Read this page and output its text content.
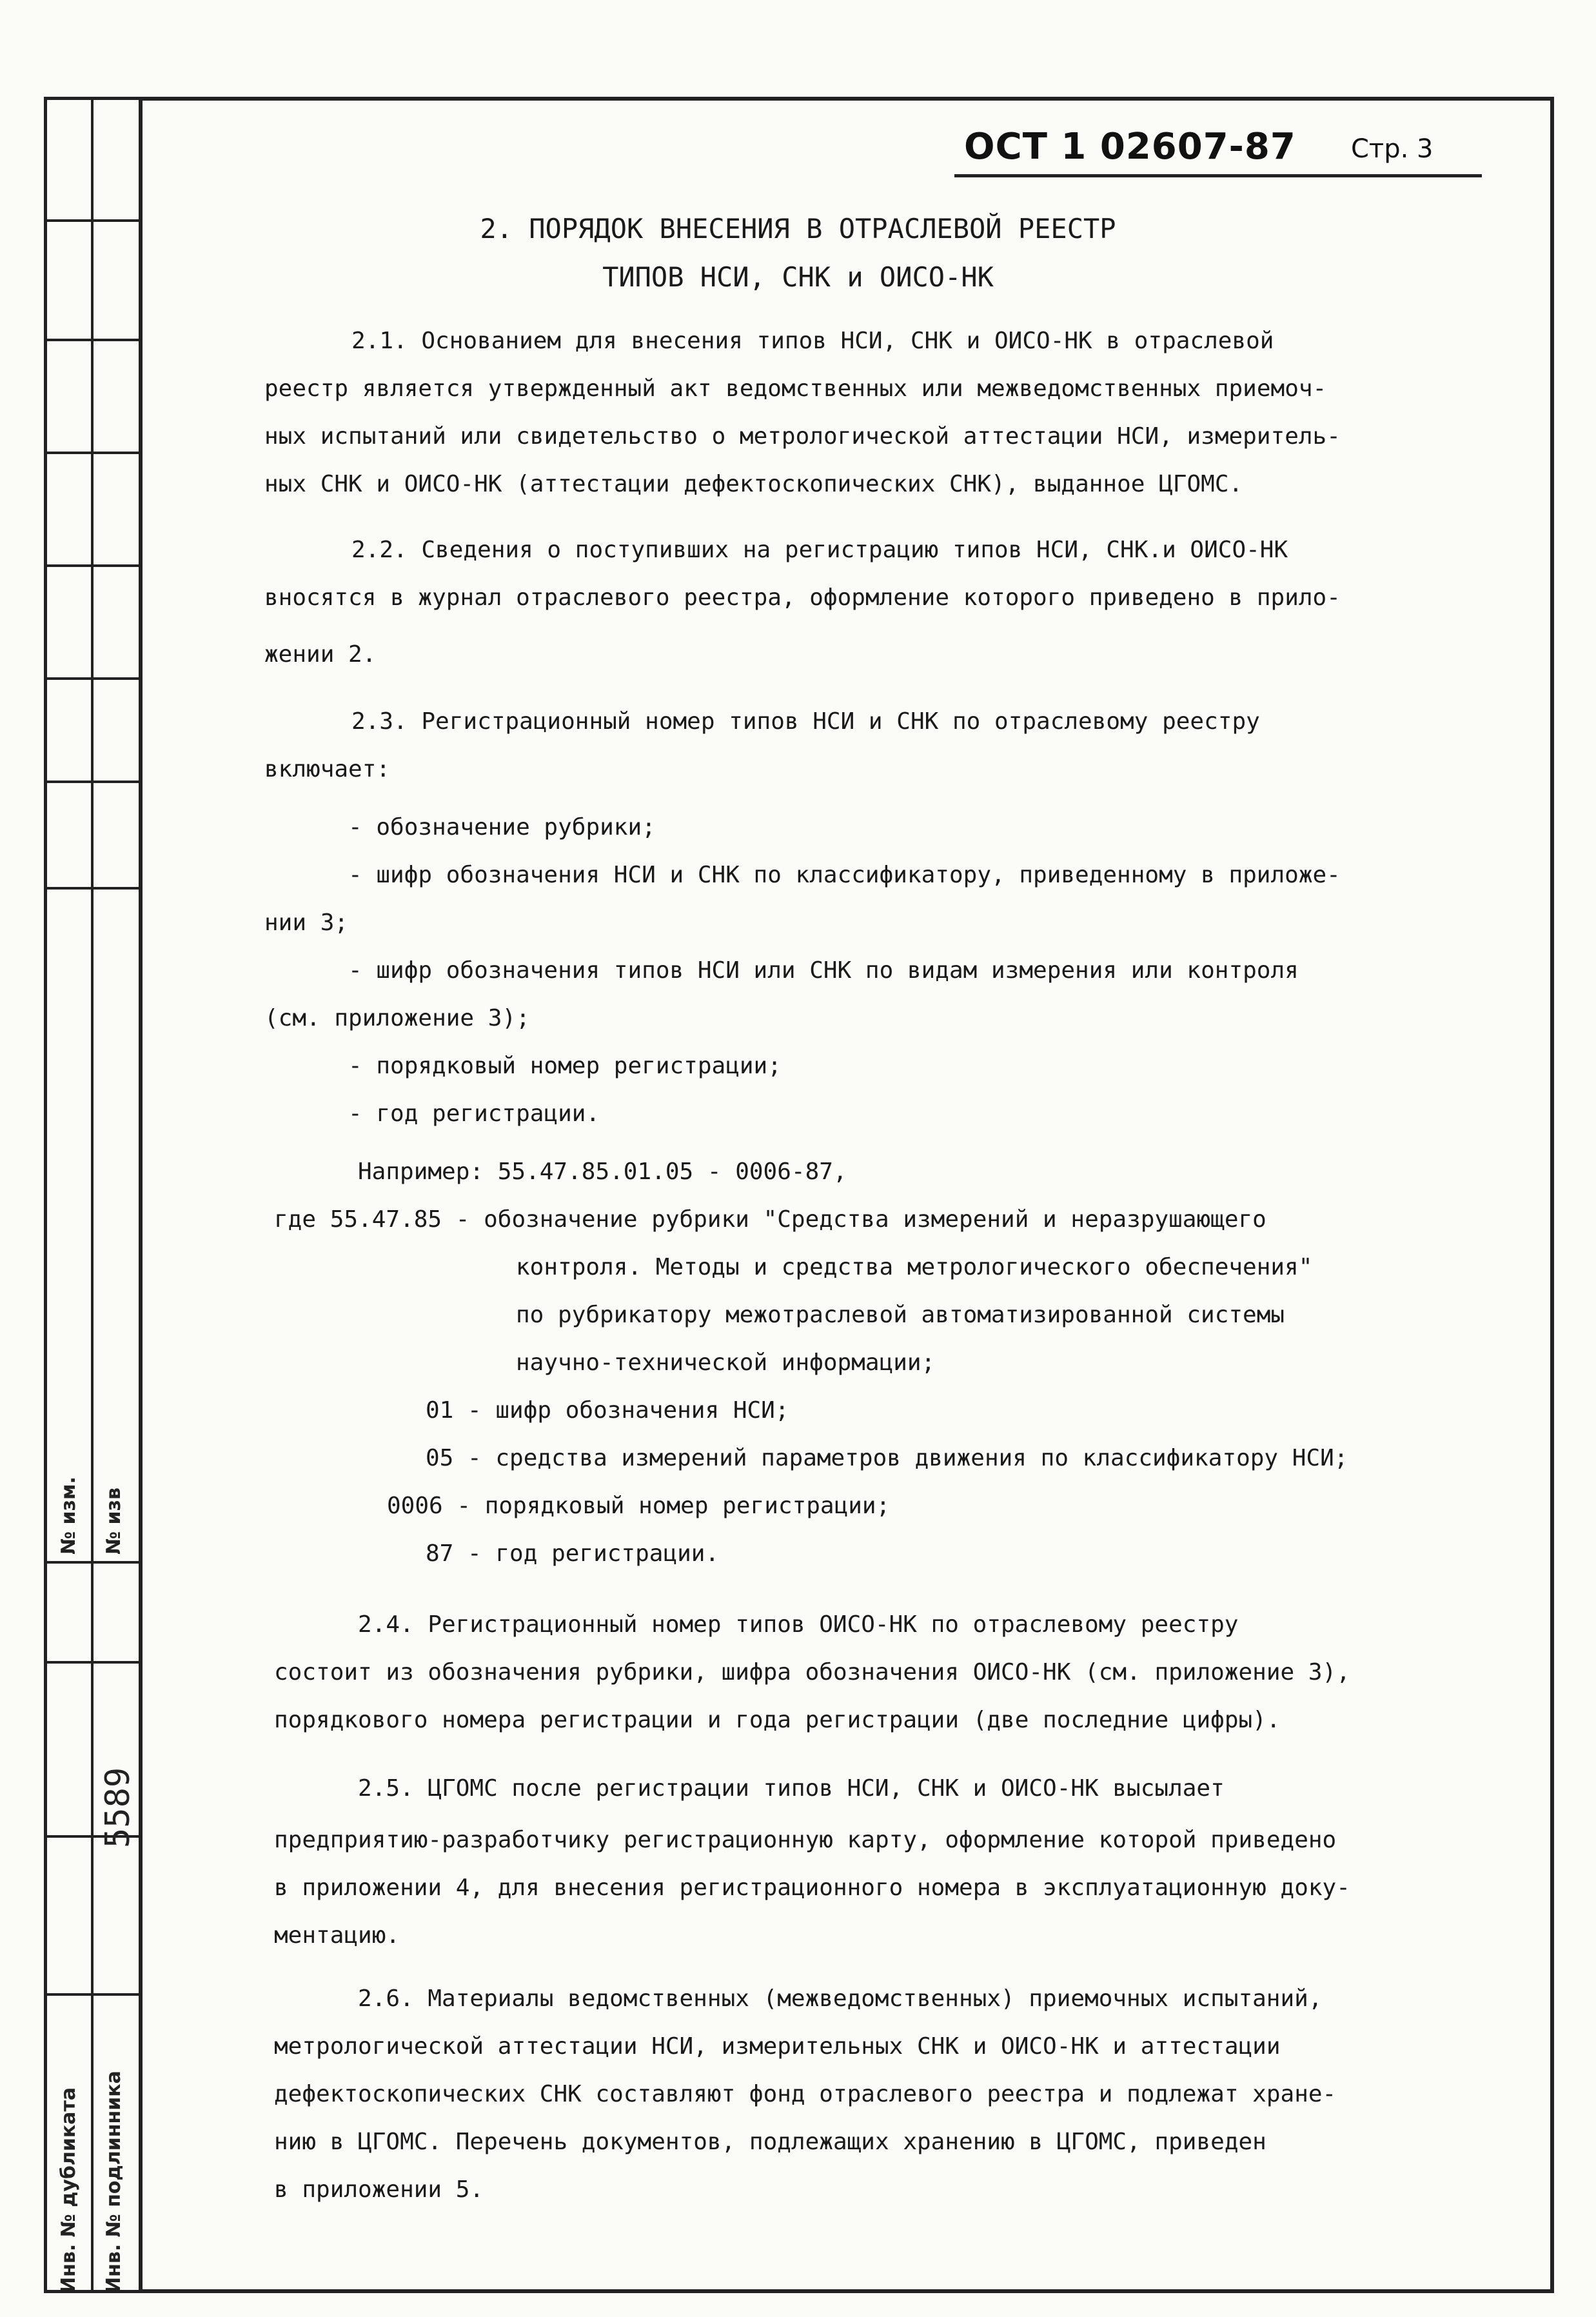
№ изм. № изв
5589
Инв. № дубликата Инв. № подлинника
ОСТ 1 02607-87 Стр. 3
2. ПОРЯДОК ВНЕСЕНИЯ В ОТРАСЛЕВОЙ РЕЕСТР
ТИПОВ НСИ, СНК и ОИСО-НК
2.1. Основанием для внесения типов НСИ, СНК и ОИСО-НК в отраслевой
реестр является утвержденный акт ведомственных или межведомственных приемоч-
ных испытаний или свидетельство о метрологической аттестации НСИ, измеритель-
ных СНК и ОИСО-НК (аттестации дефектоскопических СНК), выданное ЦГОМС.
2.2. Сведения о поступивших на регистрацию типов НСИ, СНК.и ОИСО-НК
вносятся в журнал отраслевого реестра, оформление которого приведено в прило-
жении 2.
2.3. Регистрационный номер типов НСИ и СНК по отраслевому реестру
включает:
- обозначение рубрики;
- шифр обозначения НСИ и СНК по классификатору, приведенному в приложе-
нии 3;
- шифр обозначения типов НСИ или СНК по видам измерения или контроля
(см. приложение 3);
- порядковый номер регистрации;
- год регистрации.
Например: 55.47.85.01.05 - 0006-87,
где 55.47.85 - обозначение рубрики "Средства измерений и неразрушающего
контроля. Методы и средства метрологического обеспечения"
по рубрикатору межотраслевой автоматизированной системы
научно-технической информации;
01 - шифр обозначения НСИ;
05 - средства измерений параметров движения по классификатору НСИ;
0006 - порядковый номер регистрации;
87 - год регистрации.
2.4. Регистрационный номер типов ОИСО-НК по отраслевому реестру
состоит из обозначения рубрики, шифра обозначения ОИСО-НК (см. приложение 3),
порядкового номера регистрации и года регистрации (две последние цифры).
2.5. ЦГОМС после регистрации типов НСИ, СНК и ОИСО-НК высылает
предприятию-разработчику регистрационную карту, оформление которой приведено
в приложении 4, для внесения регистрационного номера в эксплуатационную доку-
ментацию.
2.6. Материалы ведомственных (межведомственных) приемочных испытаний,
метрологической аттестации НСИ, измерительных СНК и ОИСО-НК и аттестации
дефектоскопических СНК составляют фонд отраслевого реестра и подлежат хране-
нию в ЦГОМС. Перечень документов, подлежащих хранению в ЦГОМС, приведен
в приложении 5.
